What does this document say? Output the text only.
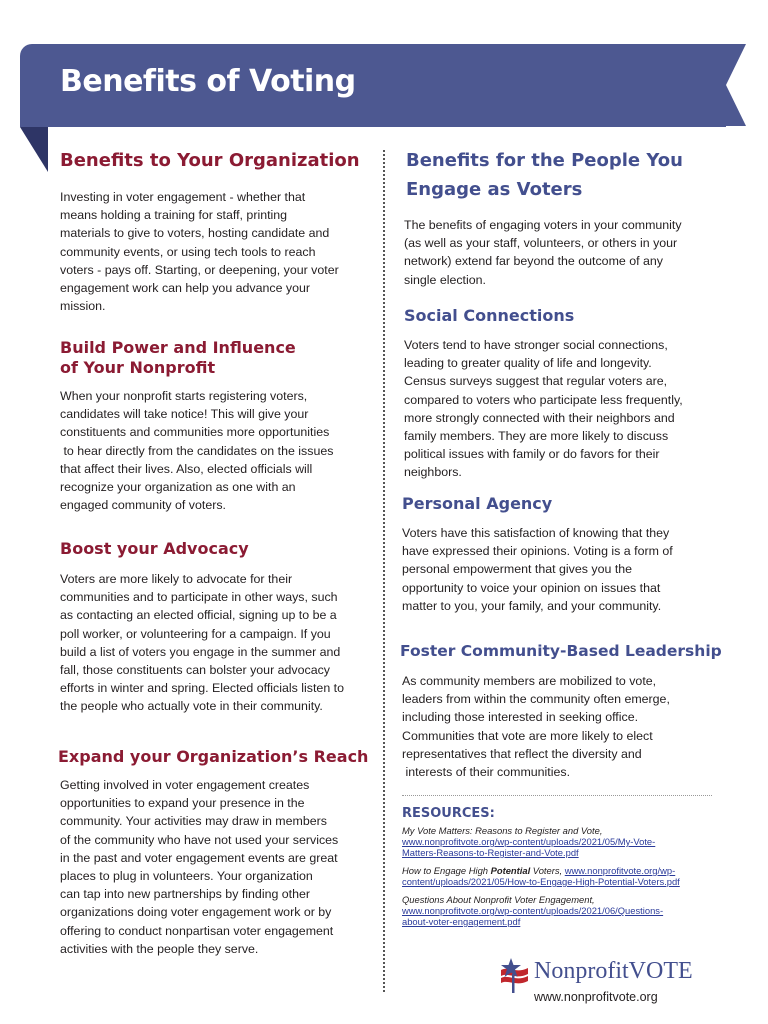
Benefits of Voting
Benefits to Your Organization

Investing in voter engagement - whether that
means holding a training for staff, printing
materials to give to voters, hosting candidate and
community events, or using tech tools to reach
voters - pays off. Starting, or deepening, your voter
engagement work can help you advance your
mission.

Build Power and Influence
of Your Nonprofit

When your nonprofit starts registering voters,
candidates will take notice! This will give your
constituents and communities more opportunities
to hear directly from the candidates on the issues
that affect their lives. Also, elected officials will
recognize your organization as one with an
engaged community of voters.

Boost your Advocacy

Voters are more likely to advocate for their
communities and to participate in other ways, such
as contacting an elected official, signing up to be a
poll worker, or volunteering for a campaign. If you
build a list of voters you engage in the summer and
fall, those constituents can bolster your advocacy
efforts in winter and spring. Elected officials listen to
the people who actually vote in their community.

Expand your Organization’s Reach

Getting involved in voter engagement creates
opportunities to expand your presence in the
community. Your activities may draw in members
of the community who have not used your services
in the past and voter engagement events are great
places to plug in volunteers. Your organization
can tap into new partnerships by finding other
organizations doing voter engagement work or by
offering to conduct nonpartisan voter engagement
activities with the people they serve.

Benefits for the People You
Engage as Voters

The benefits of engaging voters in your community
(as well as your staff, volunteers, or others in your
network) extend far beyond the outcome of any
single election.

Social Connections

Voters tend to have stronger social connections,
leading to greater quality of life and longevity.
Census surveys suggest that regular voters are,
compared to voters who participate less frequently,
more strongly connected with their neighbors and
family members. They are more likely to discuss
political issues with family or do favors for their
neighbors.

Personal Agency

Voters have this satisfaction of knowing that they
have expressed their opinions. Voting is a form of
personal empowerment that gives you the
opportunity to voice your opinion on issues that
matter to you, your family, and your community.

Foster Community-Based Leadership

As community members are mobilized to vote,
leaders from within the community often emerge,
including those interested in seeking office.
Communities that vote are more likely to elect
representatives that reflect the diversity and
interests of their communities.

RESOURCES:
My Vote Matters: Reasons to Register and Vote,
www.nonprofitvote.org/wp-content/uploads/2021/05/My-Vote-
Matters-Reasons-to-Register-and-Vote.pdf
How to Engage High Potential Voters, www.nonprofitvote.org/wp-
content/uploads/2021/05/How-to-Engage-High-Potential-Voters.pdf
Questions About Nonprofit Voter Engagement,
www.nonprofitvote.org/wp-content/uploads/2021/06/Questions-
about-voter-engagement.pdf
NonprofitVOTE
www.nonprofitvote.org
